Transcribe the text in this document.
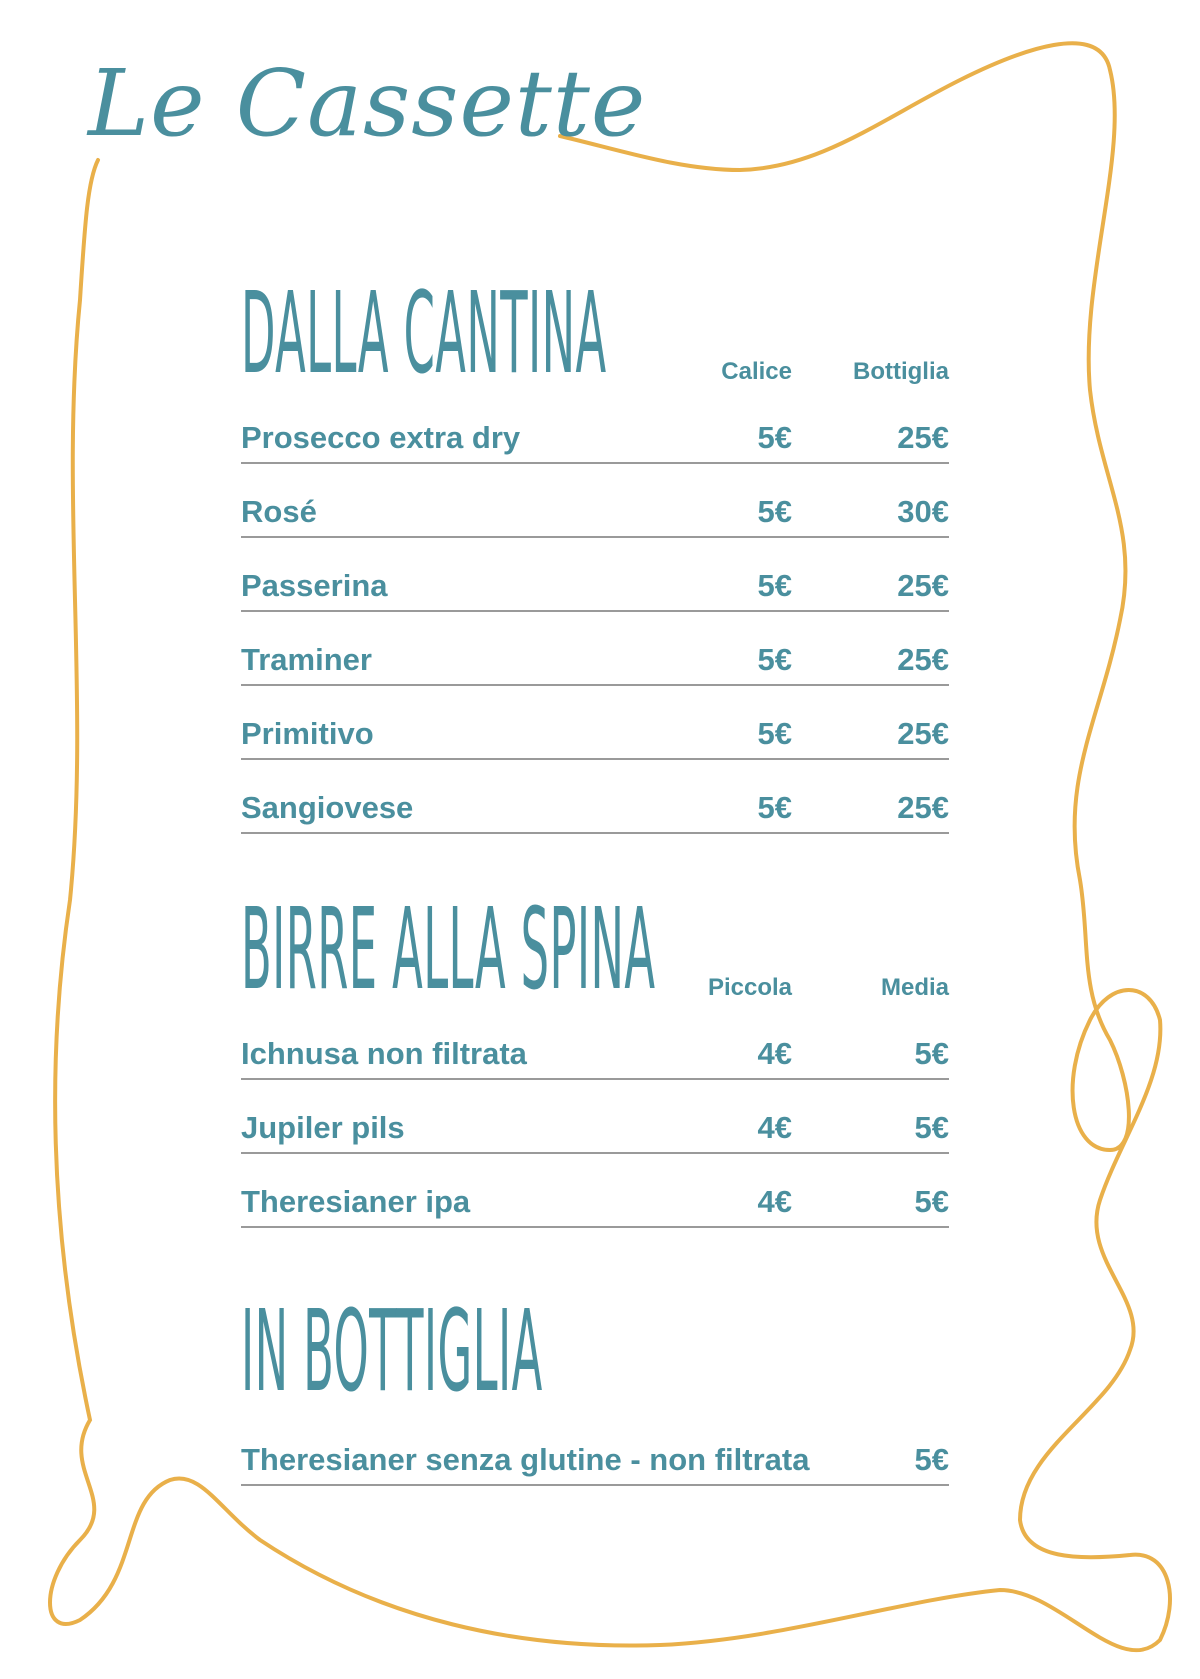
Le Cassette
DALLA CANTINA	Calice	Bottiglia
Prosecco extra dry	5€	25€
Rosé	5€	30€
Passerina	5€	25€
Traminer	5€	25€
Primitivo	5€	25€
Sangiovese	5€	25€
BIRRE ALLA SPINA Piccola	Media
Ichnusa non filtrata	4€	5€
Jupiler pils	4€	5€
Theresianer ipa	4€	5€
IN BOTTIGLIA
Theresianer senza glutine - non filtrata	5€
